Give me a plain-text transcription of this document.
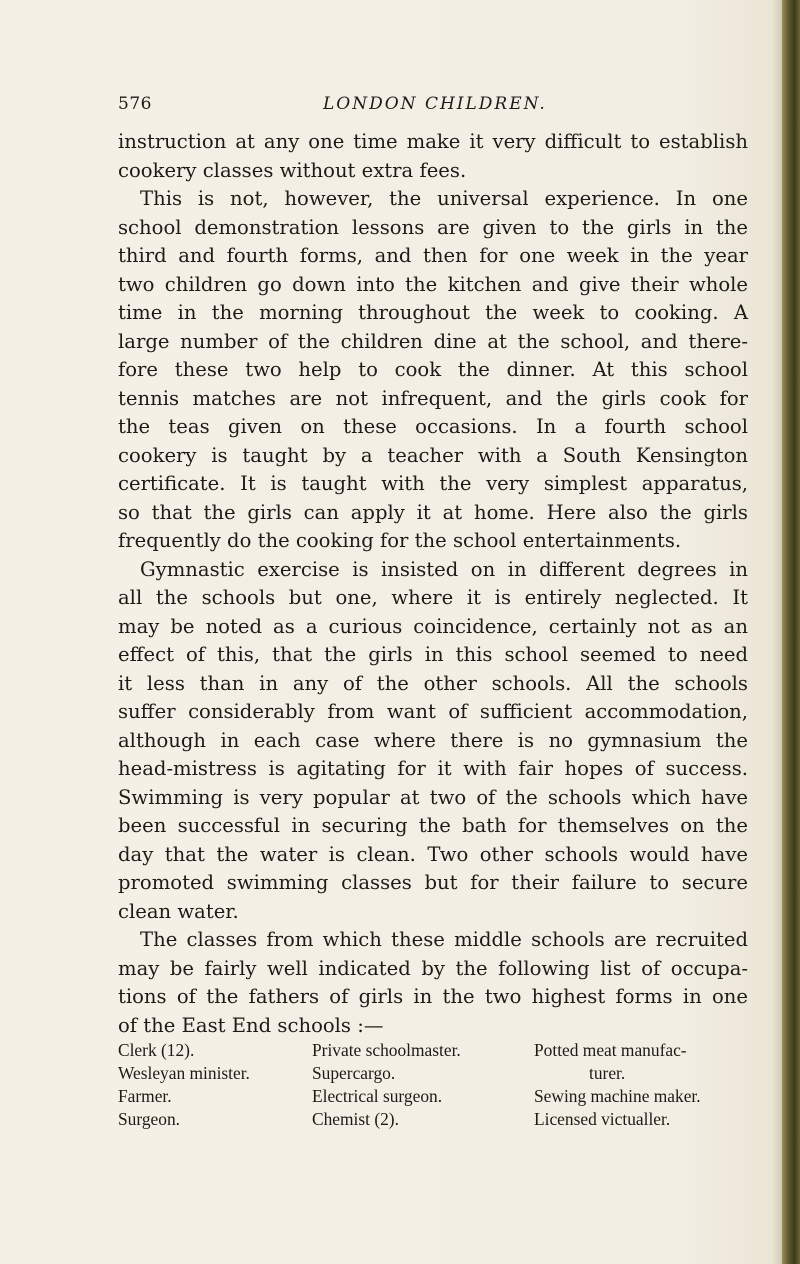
576	LONDON CHILDREN.
instruction at any one time make it very difficult to establish
cookery classes without extra fees.
This is not, however, the universal experience. In one
school demonstration lessons are given to the girls in the
third and fourth forms, and then for one week in the year
two children go down into the kitchen and give their whole
time in the morning throughout the week to cooking. A
large number of the children dine at the school, and there-
fore these two help to cook the dinner. At this school
tennis matches are not infrequent, and the girls cook for
the teas given on these occasions. In a fourth school
cookery is taught by a teacher with a South Kensington
certificate. It is taught with the very simplest apparatus,
so that the girls can apply it at home. Here also the girls
frequently do the cooking for the school entertainments.
Gymnastic exercise is insisted on in different degrees in
all the schools but one, where it is entirely neglected. It
may be noted as a curious coincidence, certainly not as an
effect of this, that the girls in this school seemed to need
it less than in any of the other schools. All the schools
suffer considerably from want of sufficient accommodation,
although in each case where there is no gymnasium the
head-mistress is agitating for it with fair hopes of success.
Swimming is very popular at two of the schools which have
been successful in securing the bath for themselves on the
day that the water is clean. Two other schools would have
promoted swimming classes but for their failure to secure
clean water.
The classes from which these middle schools are recruited
may be fairly well indicated by the following list of occupa-
tions of the fathers of girls in the two highest forms in one
of the East End schools :—
Clerk (12).
Wesleyan minister.
Farmer.
Surgeon.
Private schoolmaster.
Supercargo.
Electrical surgeon.
Chemist (2).
Potted meat manufac-
turer.
Sewing machine maker.
Licensed victualler.
